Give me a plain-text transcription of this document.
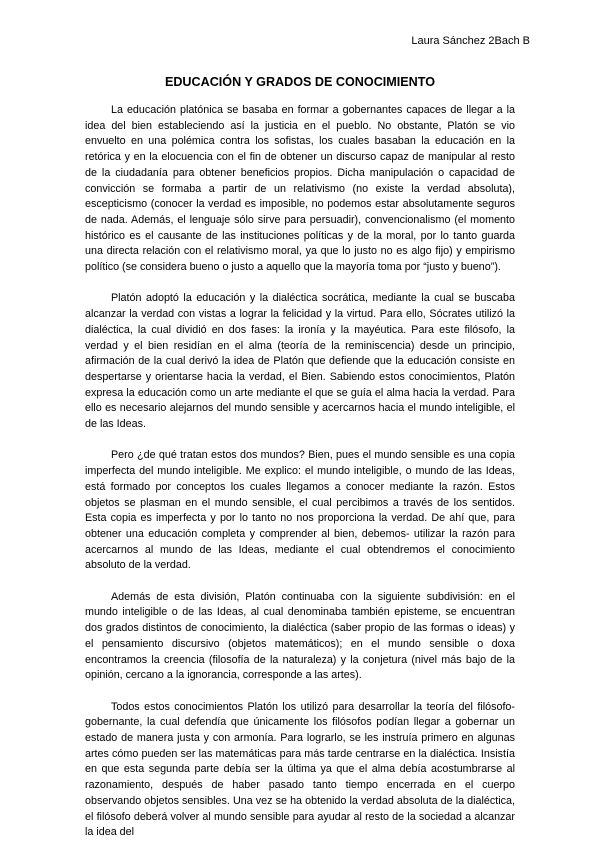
Laura Sánchez 2Bach B
EDUCACIÓN Y GRADOS DE CONOCIMIENTO

La educación platónica se basaba en formar a gobernantes capaces de llegar a la idea del bien estableciendo así la justicia en el pueblo. No obstante, Platón se vio envuelto en una polémica contra los sofistas, los cuales basaban la educación en la retórica y en la elocuencia con el fin de obtener un discurso capaz de manipular al resto de la ciudadanía para obtener beneficios propios. Dicha manipulación o capacidad de convicción se formaba a partir de un relativismo (no existe la verdad absoluta), escepticismo (conocer la verdad es imposible, no podemos estar absolutamente seguros de nada. Además, el lenguaje sólo sirve para persuadir), convencionalismo (el momento histórico es el causante de las instituciones políticas y de la moral, por lo tanto guarda una directa relación con el relativismo moral, ya que lo justo no es algo fijo) y empirismo político (se considera bueno o justo a aquello que la mayoría toma por “justo y bueno”).

Platón adoptó la educación y la dialéctica socrática, mediante la cual se buscaba alcanzar la verdad con vistas a lograr la felicidad y la virtud. Para ello, Sócrates utilizó la dialéctica, la cual dividió en dos fases: la ironía y la mayéutica. Para este filósofo, la verdad y el bien residían en el alma (teoría de la reminiscencia) desde un principio, afirmación de la cual derivó la idea de Platón que defiende que la educación consiste en despertarse y orientarse hacia la verdad, el Bien. Sabiendo estos conocimientos, Platón expresa la educación como un arte mediante el que se guía el alma hacia la verdad. Para ello es necesario alejarnos del mundo sensible y acercarnos hacia el mundo inteligible, el de las Ideas.

Pero ¿de qué tratan estos dos mundos? Bien, pues el mundo sensible es una copia imperfecta del mundo inteligible. Me explico: el mundo inteligible, o mundo de las Ideas, está formado por conceptos los cuales llegamos a conocer mediante la razón. Estos objetos se plasman en el mundo sensible, el cual percibimos a través de los sentidos. Esta copia es imperfecta y por lo tanto no nos proporciona la verdad. De ahí que, para obtener una educación completa y comprender al bien, debemos- utilizar la razón para acercarnos al mundo de las Ideas, mediante el cual obtendremos el conocimiento absoluto de la verdad.

Además de esta división, Platón continuaba con la siguiente subdivisión: en el mundo inteligible o de las Ideas, al cual denominaba también episteme, se encuentran dos grados distintos de conocimiento, la dialéctica (saber propio de las formas o ideas) y el pensamiento discursivo (objetos matemáticos); en el mundo sensible o doxa encontramos la creencia (filosofía de la naturaleza) y la conjetura (nivel más bajo de la opinión, cercano a la ignorancia, corresponde a las artes).

Todos estos conocimientos Platón los utilizó para desarrollar la teoría del filósofo-gobernante, la cual defendía que únicamente los filósofos podían llegar a gobernar un estado de manera justa y con armonía. Para lograrlo, se les instruía primero en algunas artes cómo pueden ser las matemáticas para más tarde centrarse en la dialéctica. Insistía en que esta segunda parte debía ser la última ya que el alma debía acostumbrarse al razonamiento, después de haber pasado tanto tiempo encerrada en el cuerpo observando objetos sensibles. Una vez se ha obtenido la verdad absoluta de la dialéctica, el filósofo deberá volver al mundo sensible para ayudar al resto de la sociedad a alcanzar la idea del
